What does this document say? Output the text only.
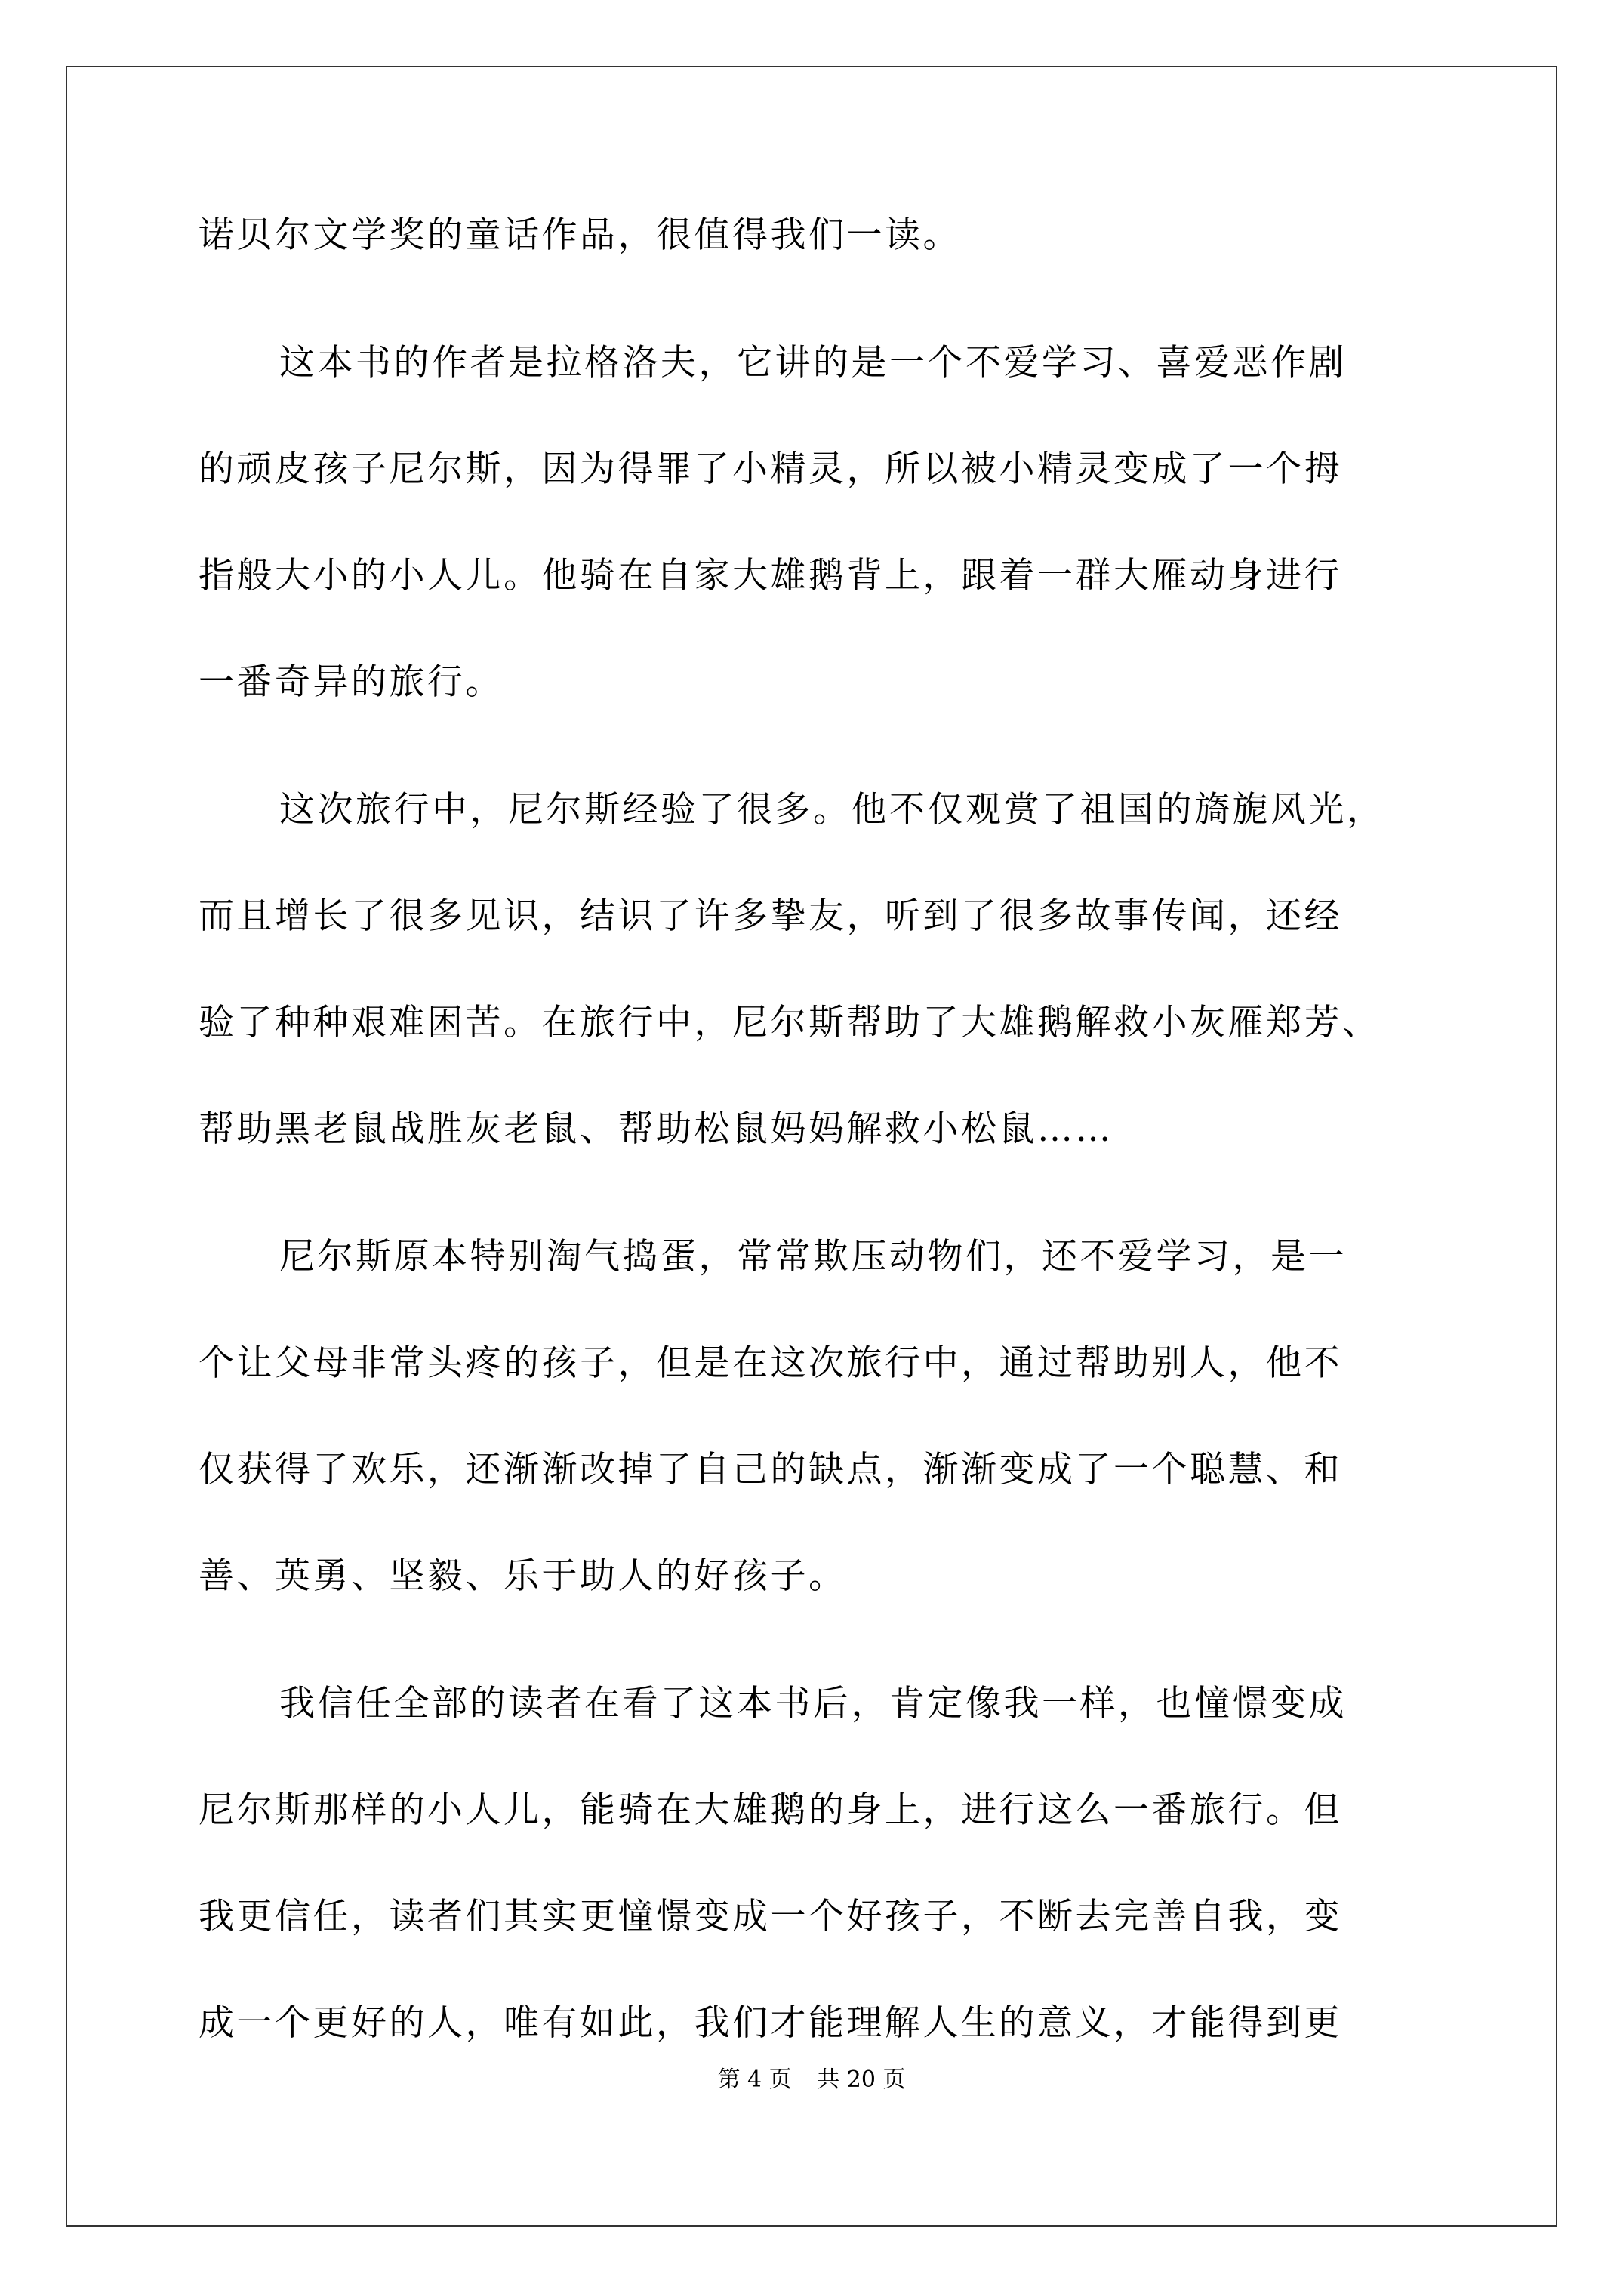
诺贝尔文学奖的童话作品，很值得我们一读。
这本书的作者是拉格洛夫，它讲的是一个不爱学习、喜爱恶作剧
的顽皮孩子尼尔斯，因为得罪了小精灵，所以被小精灵变成了一个拇
指般大小的小人儿。他骑在自家大雄鹅背上，跟着一群大雁动身进行
一番奇异的旅行。
这次旅行中，尼尔斯经验了很多。他不仅观赏了祖国的旖旎风光，
而且增长了很多见识，结识了许多挚友，听到了很多故事传闻，还经
验了种种艰难困苦。在旅行中，尼尔斯帮助了大雄鹅解救小灰雁郑芳、
帮助黑老鼠战胜灰老鼠、帮助松鼠妈妈解救小松鼠……
尼尔斯原本特别淘气捣蛋，常常欺压动物们，还不爱学习，是一
个让父母非常头疼的孩子，但是在这次旅行中，通过帮助别人，他不
仅获得了欢乐，还渐渐改掉了自己的缺点，渐渐变成了一个聪慧、和
善、英勇、坚毅、乐于助人的好孩子。
我信任全部的读者在看了这本书后，肯定像我一样，也憧憬变成
尼尔斯那样的小人儿，能骑在大雄鹅的身上，进行这么一番旅行。但
我更信任，读者们其实更憧憬变成一个好孩子，不断去完善自我，变
成一个更好的人，唯有如此，我们才能理解人生的意义，才能得到更
第 4 页 共 20 页
